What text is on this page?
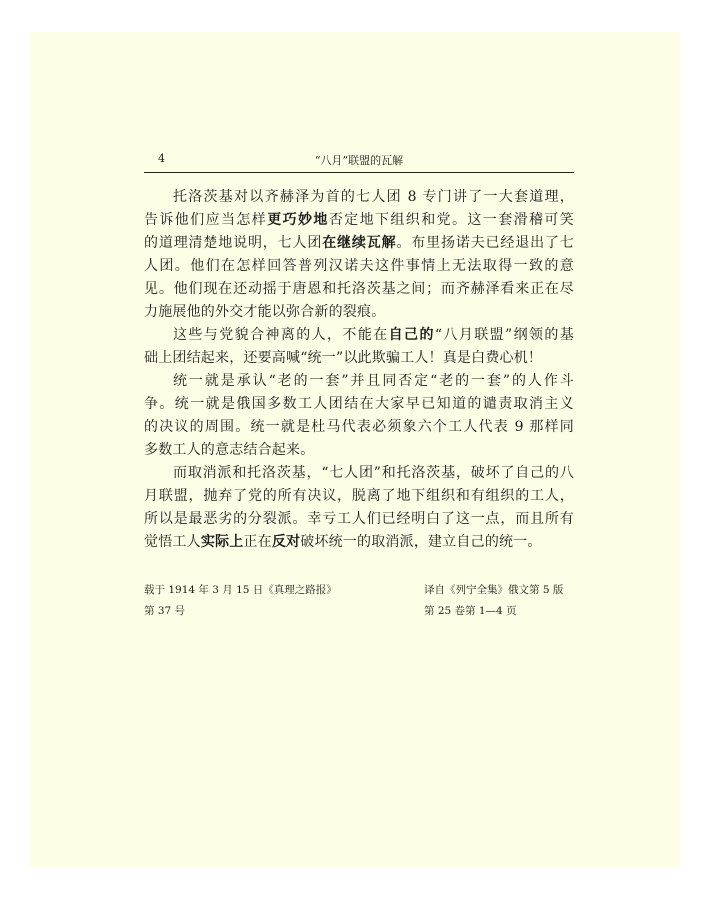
4	“八月”联盟的瓦解
托洛茨基对以齐赫泽为首的七人团 8 专门讲了一大套道理，
告诉他们应当怎样更巧妙地否定地下组织和党。这一套滑稽可笑
的道理清楚地说明，七人团在继续瓦解。布里扬诺夫已经退出了七
人团。他们在怎样回答普列汉诺夫这件事情上无法取得一致的意
见。他们现在还动摇于唐恩和托洛茨基之间；而齐赫泽看来正在尽
力施展他的外交才能以弥合新的裂痕。
这些与党貌合神离的人，不能在自己的“八月联盟”纲领的基
础上团结起来，还要高喊“统一”以此欺骗工人！真是白费心机！
统一就是承认“老的一套”并且同否定“老的一套”的人作斗
争。统一就是俄国多数工人团结在大家早已知道的谴责取消主义
的决议的周围。统一就是杜马代表必须象六个工人代表 9 那样同
多数工人的意志结合起来。
而取消派和托洛茨基，“七人团”和托洛茨基，破坏了自己的八
月联盟，抛弃了党的所有决议，脱离了地下组织和有组织的工人，
所以是最恶劣的分裂派。幸亏工人们已经明白了这一点，而且所有
觉悟工人实际上正在反对破坏统一的取消派，建立自己的统一。
载于 1914 年 3 月 15 日《真理之路报》
第 37 号
译自《列宁全集》俄文第 5 版
第 25 卷第 1—4 页
